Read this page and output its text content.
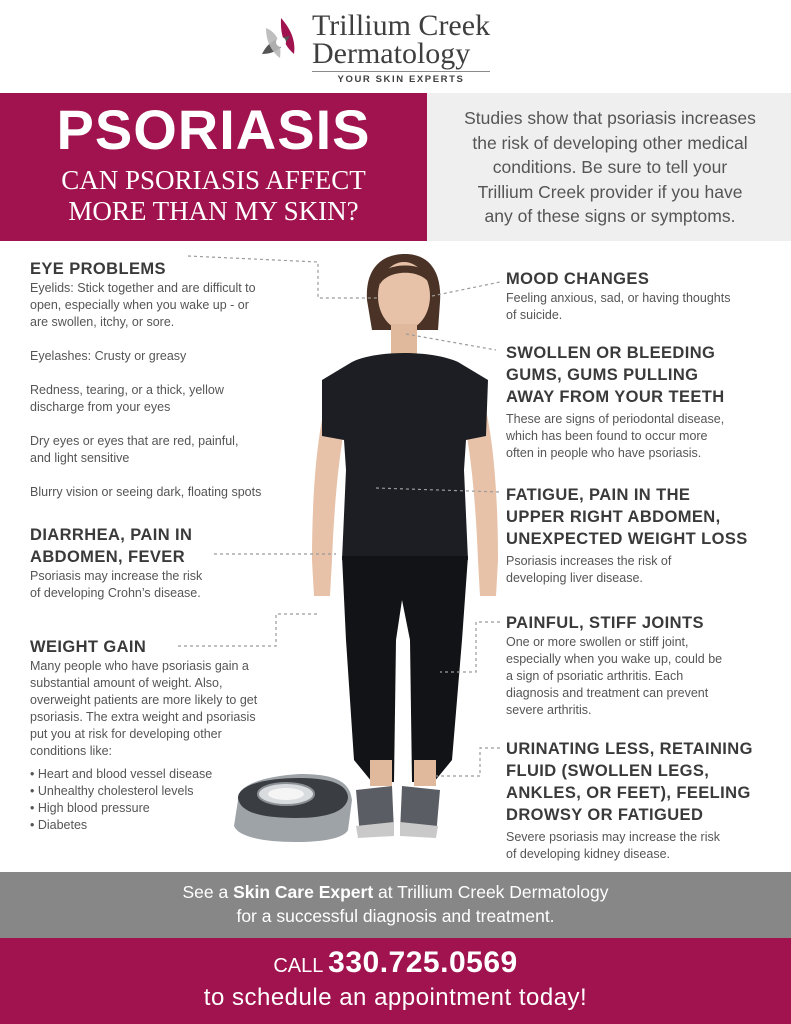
Trillium Creek
Dermatology
YOUR SKIN EXPERTS
PSORIASIS
CAN PSORIASIS AFFECT
MORE THAN MY SKIN?
Studies show that psoriasis increases
the risk of developing other medical
conditions. Be sure to tell your
Trillium Creek provider if you have
any of these signs or symptoms.
EYE PROBLEMS
Eyelids: Stick together and are difficult to
open, especially when you wake up - or
are swollen, itchy, or sore.
Eyelashes: Crusty or greasy
Redness, tearing, or a thick, yellow
discharge from your eyes
Dry eyes or eyes that are red, painful,
and light sensitive
Blurry vision or seeing dark, floating spots
DIARRHEA, PAIN IN
ABDOMEN, FEVER
Psoriasis may increase the risk
of developing Crohn’s disease.
WEIGHT GAIN
Many people who have psoriasis gain a
substantial amount of weight. Also,
overweight patients are more likely to get
psoriasis. The extra weight and psoriasis
put you at risk for developing other
conditions like:
• Heart and blood vessel disease
• Unhealthy cholesterol levels
• High blood pressure
• Diabetes
MOOD CHANGES
Feeling anxious, sad, or having thoughts
of suicide.
SWOLLEN OR BLEEDING
GUMS, GUMS PULLING
AWAY FROM YOUR TEETH
These are signs of periodontal disease,
which has been found to occur more
often in people who have psoriasis.
FATIGUE, PAIN IN THE
UPPER RIGHT ABDOMEN,
UNEXPECTED WEIGHT LOSS
Psoriasis increases the risk of
developing liver disease.
PAINFUL, STIFF JOINTS
One or more swollen or stiff joint,
especially when you wake up, could be
a sign of psoriatic arthritis. Each
diagnosis and treatment can prevent
severe arthritis.
URINATING LESS, RETAINING
FLUID (SWOLLEN LEGS,
ANKLES, OR FEET), FEELING
DROWSY OR FATIGUED
Severe psoriasis may increase the risk
of developing kidney disease.
See a Skin Care Expert at Trillium Creek Dermatology
for a successful diagnosis and treatment.
CALL 330.725.0569
to schedule an appointment today!
